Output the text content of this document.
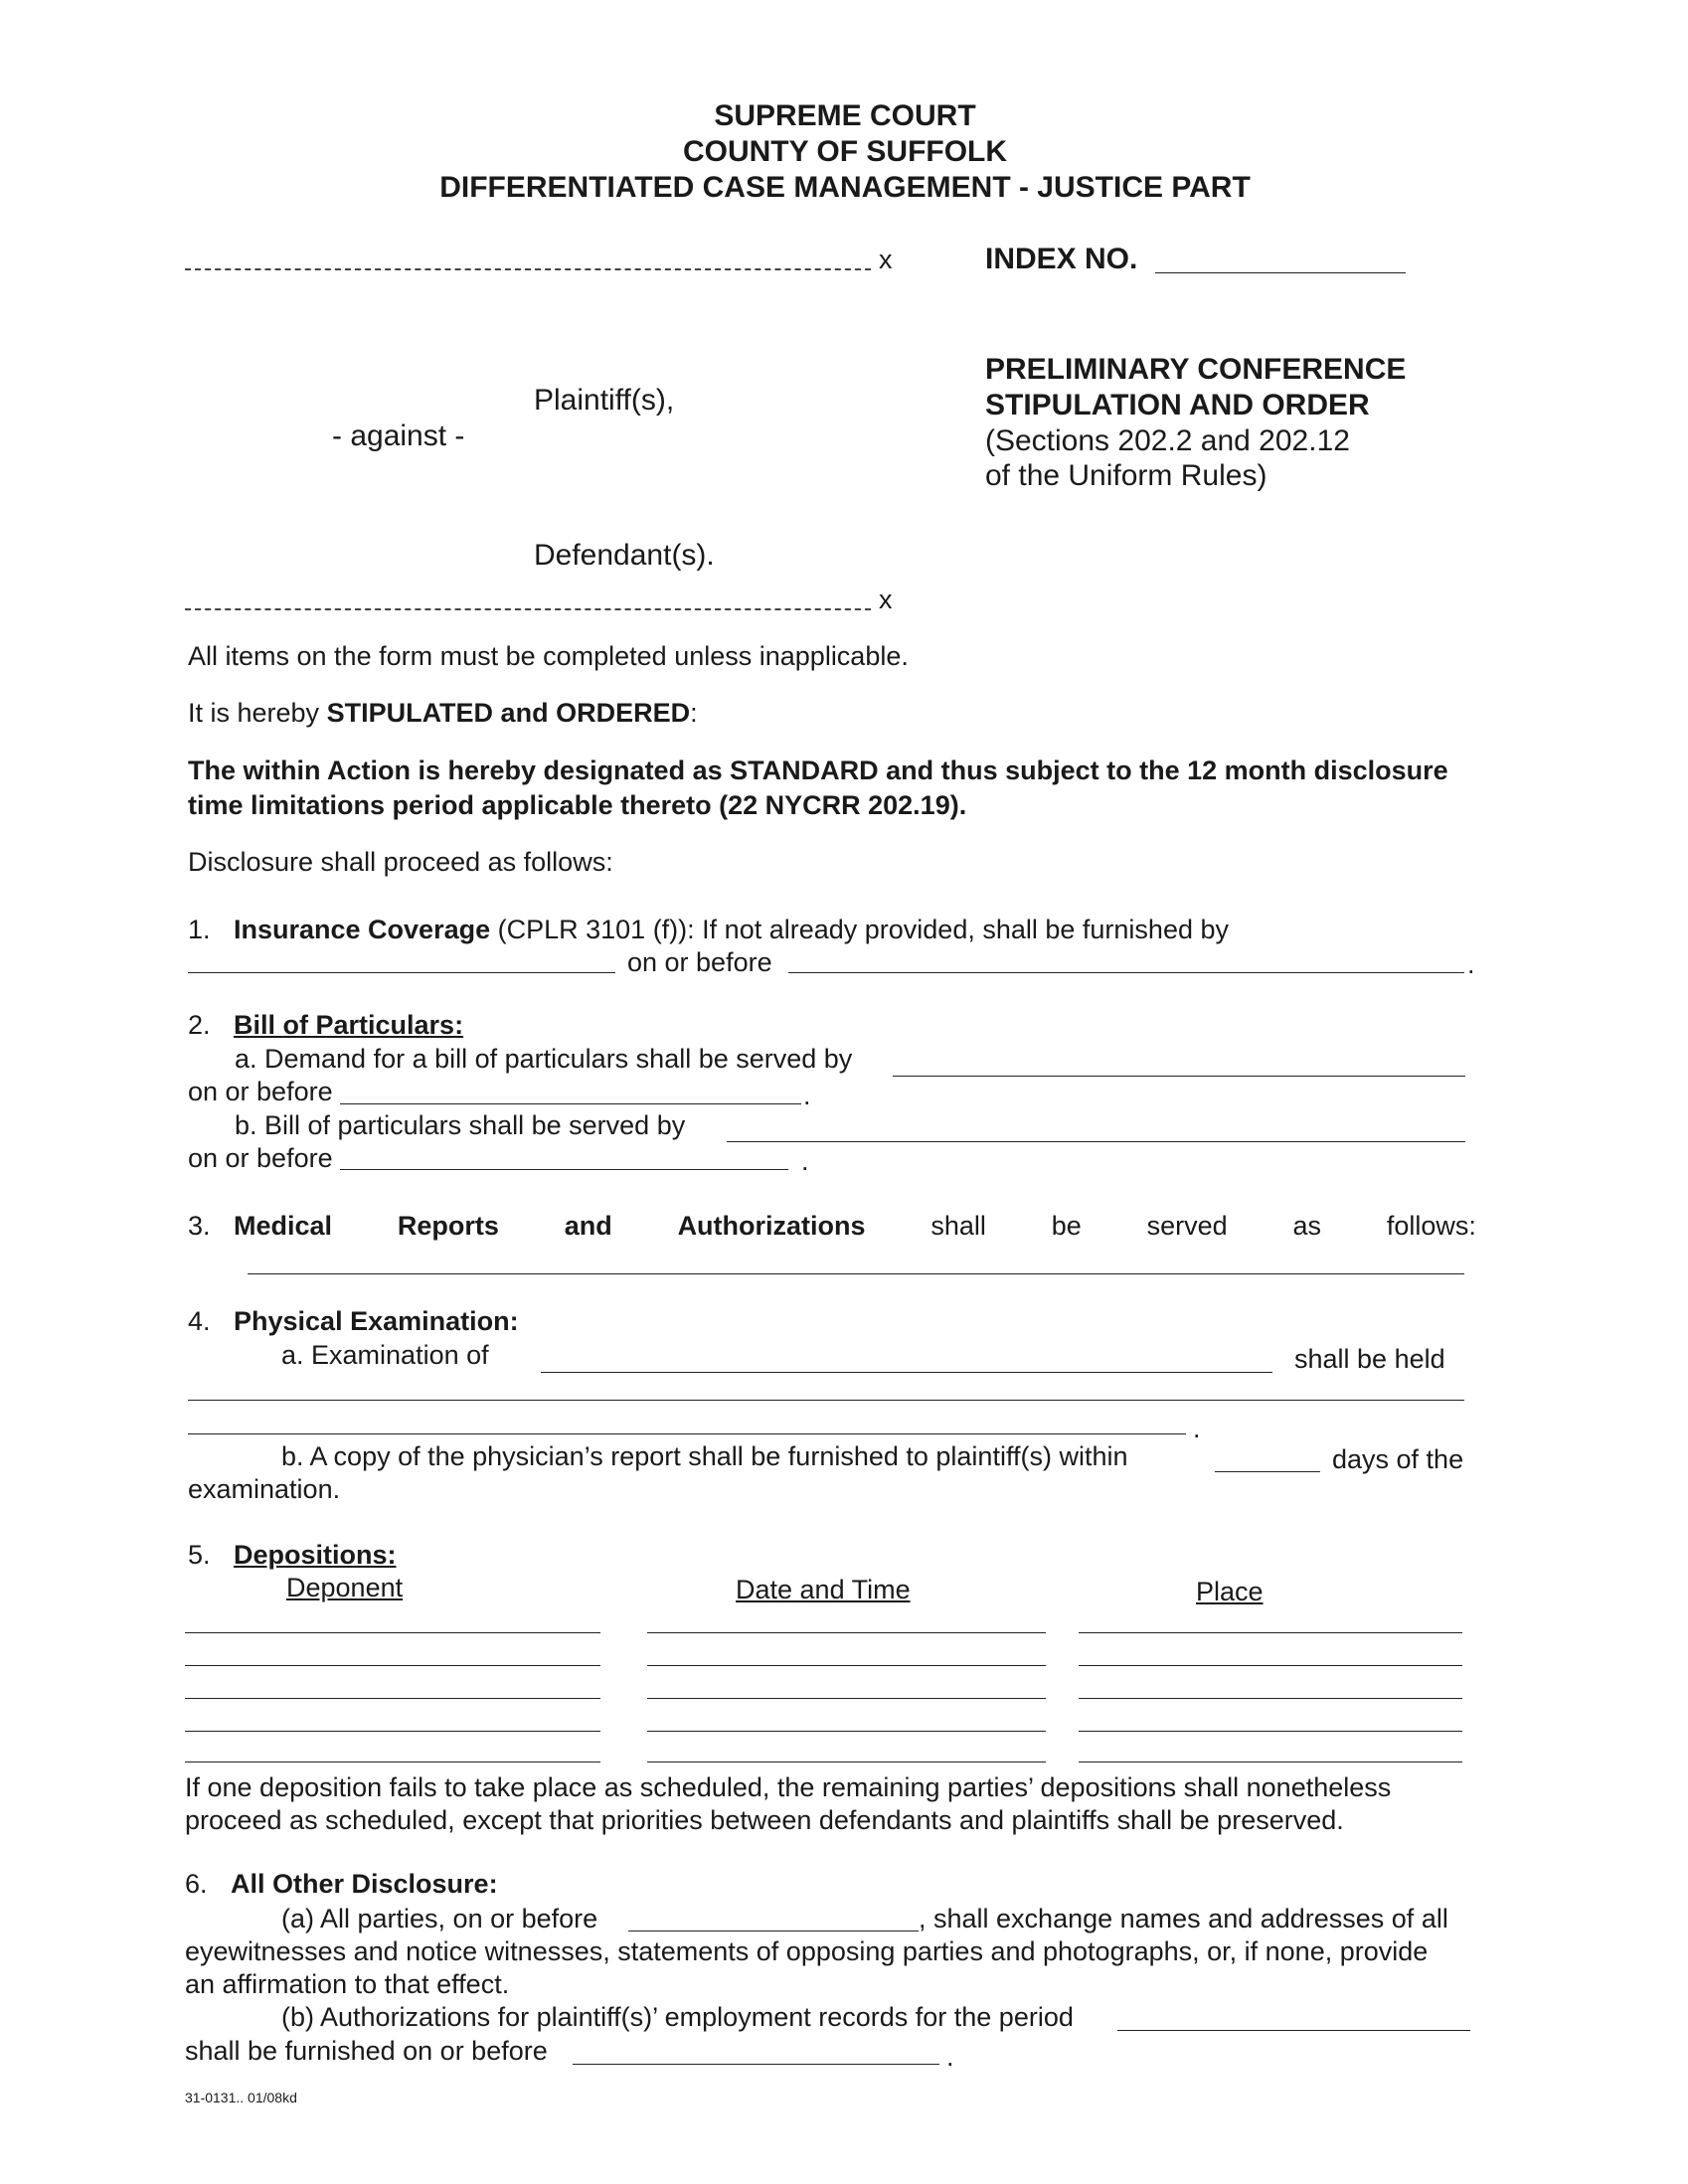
SUPREME COURT
COUNTY OF SUFFOLK
DIFFERENTIATED CASE MANAGEMENT - JUSTICE PART
x	INDEX NO.
Plaintiff(s),
- against -
Defendant(s).
PRELIMINARY CONFERENCE
STIPULATION AND ORDER
(Sections 202.2 and 202.12
of the Uniform Rules)
x
All items on the form must be completed unless inapplicable.
It is hereby STIPULATED and ORDERED:
The within Action is hereby designated as STANDARD and thus subject to the 12 month disclosure
time limitations period applicable thereto (22 NYCRR 202.19).
Disclosure shall proceed as follows:
1. Insurance Coverage (CPLR 3101 (f)): If not already provided, shall be furnished by
on or before	.
2. Bill of Particulars:
a. Demand for a bill of particulars shall be served by
on or before	.
b. Bill of particulars shall be served by
on or before	.
3. Medical Reports and Authorizations shall be served as follows:
4. Physical Examination:
a. Examination of	shall be held
.
b. A copy of the physician’s report shall be furnished to plaintiff(s) within	days of the
examination.
5. Depositions:
Deponent	Date and Time	Place
If one deposition fails to take place as scheduled, the remaining parties’ depositions shall nonetheless
proceed as scheduled, except that priorities between defendants and plaintiffs shall be preserved.
6. All Other Disclosure:
(a) All parties, on or before	, shall exchange names and addresses of all
eyewitnesses and notice witnesses, statements of opposing parties and photographs, or, if none, provide
an affirmation to that effect.
(b) Authorizations for plaintiff(s)’ employment records for the period
shall be furnished on or before	.
31-0131.. 01/08kd
